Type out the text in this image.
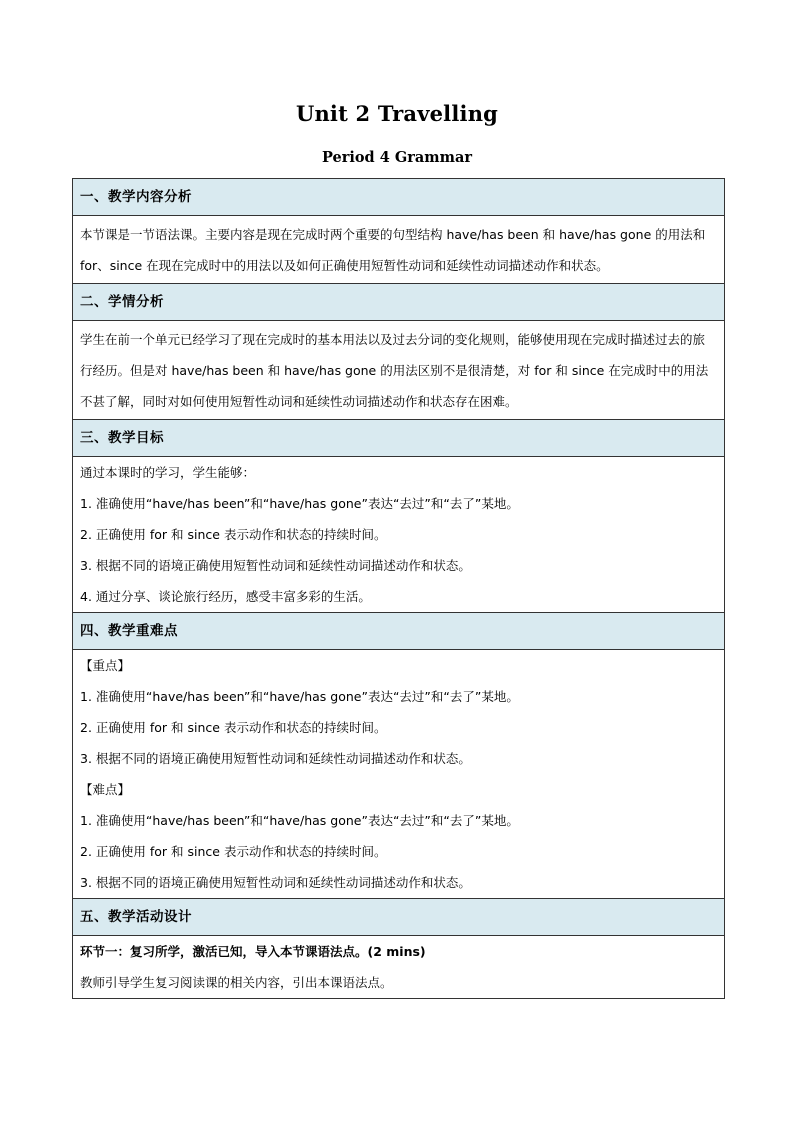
Unit 2 Travelling
Period 4 Grammar
一、教学内容分析

本节课是一节语法课。主要内容是现在完成时两个重要的句型结构 have/has been 和 have/has gone 的用法和 for、since 在现在完成时中的用法以及如何正确使用短暂性动词和延续性动词描述动作和状态。

二、学情分析

学生在前一个单元已经学习了现在完成时的基本用法以及过去分词的变化规则，能够使用现在完成时描述过去的旅行经历。但是对 have/has been 和 have/has gone 的用法区别不是很清楚，对 for 和 since 在完成时中的用法不甚了解，同时对如何使用短暂性动词和延续性动词描述动作和状态存在困难。

三、教学目标

通过本课时的学习，学生能够：
1. 准确使用“have/has been”和“have/has gone”表达“去过”和“去了”某地。
2. 正确使用 for 和 since 表示动作和状态的持续时间。
3. 根据不同的语境正确使用短暂性动词和延续性动词描述动作和状态。
4. 通过分享、谈论旅行经历，感受丰富多彩的生活。

四、教学重难点

【重点】
1. 准确使用“have/has been”和“have/has gone”表达“去过”和“去了”某地。
2. 正确使用 for 和 since 表示动作和状态的持续时间。
3. 根据不同的语境正确使用短暂性动词和延续性动词描述动作和状态。
【难点】
1. 准确使用“have/has been”和“have/has gone”表达“去过”和“去了”某地。
2. 正确使用 for 和 since 表示动作和状态的持续时间。
3. 根据不同的语境正确使用短暂性动词和延续性动词描述动作和状态。

五、教学活动设计

环节一：复习所学，激活已知，导入本节课语法点。(2 mins)
教师引导学生复习阅读课的相关内容，引出本课语法点。
